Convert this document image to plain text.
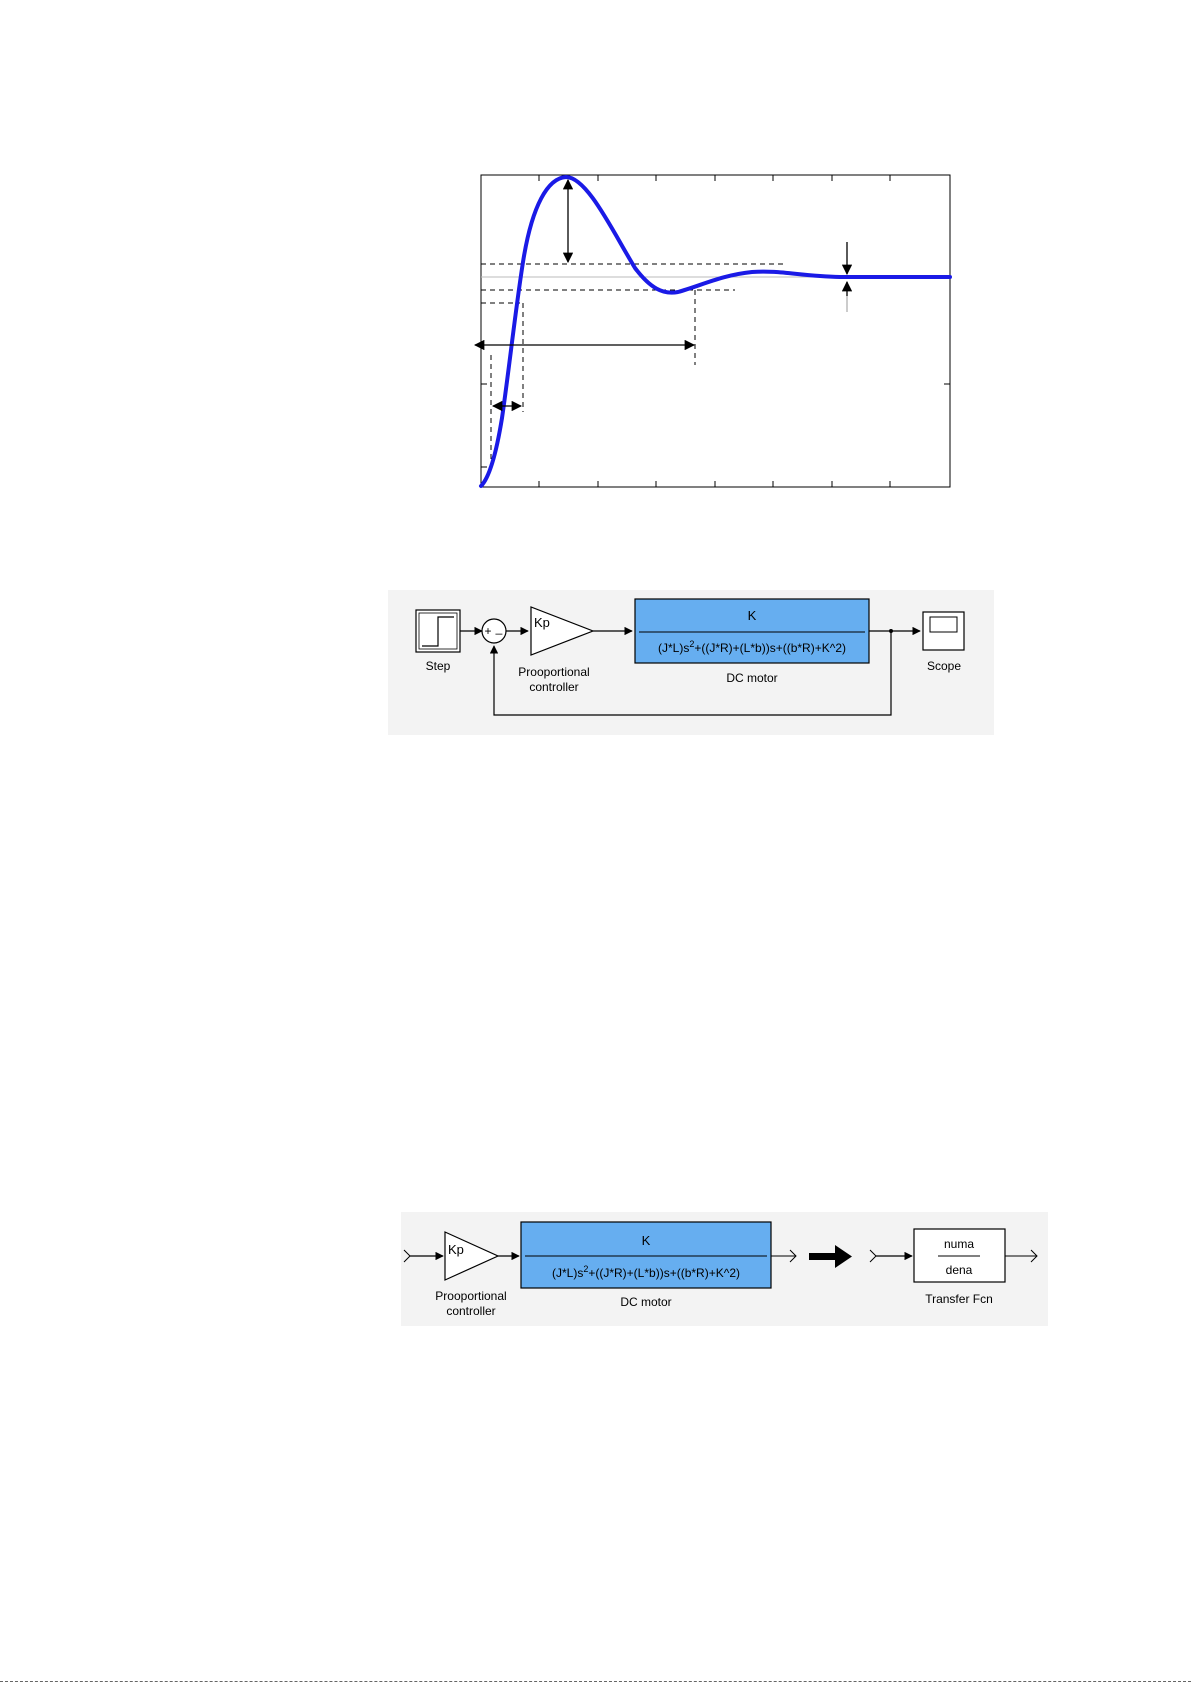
Step
+ _ Kp
Prooportional
controller
K
$(J*L)s^2+((J*R)+(L*b))s+((b*R)+K\^{}2)$
DC motor
Scope
Kp
Prooportional
controller
K
$(J*L)s^2+((J*R)+(L*b))s+((b*R)+K\^{}2)$
DC motor
numa
dena
Transfer Fcn
